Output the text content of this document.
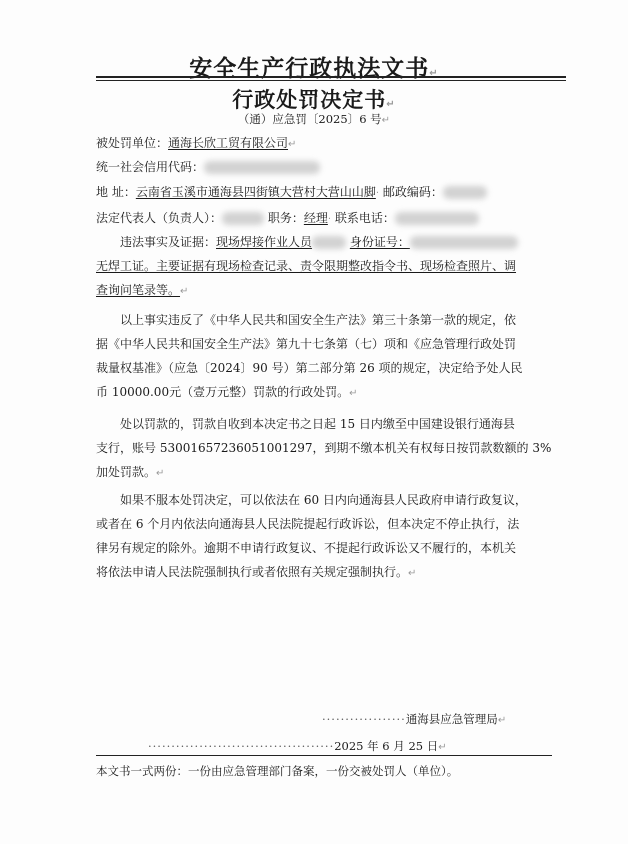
安全生产行政执法文书↵
行政处罚决定书↵
（通）应急罚〔2025〕6 号↵
被处罚单位：通海长欣工贸有限公司↵
统一社会信用代码：
地 址：云南省玉溪市通海县四街镇大营村大营山山脚· 邮政编码：
法定代表人（负责人）：	职务：经理· 联系电话：
违法事实及证据：现场焊接作业人员	身份证号：
无焊工证。主要证据有现场检查记录、责令限期整改指令书、现场检查照片、调
查询问笔录等。↵
以上事实违反了《中华人民共和国安全生产法》第三十条第一款的规定，依
据《中华人民共和国安全生产法》第九十七条第（七）项和《应急管理行政处罚
裁量权基准》（应急〔2024〕90 号）第二部分第 26 项的规定，决定给予处人民
币 10000.00元（壹万元整）罚款的行政处罚。↵
处以罚款的，罚款自收到本决定书之日起 15 日内缴至中国建设银行通海县
支行，账号 53001657236051001297，到期不缴本机关有权每日按罚款数额的 3%
加处罚款。↵
如果不服本处罚决定，可以依法在 60 日内向通海县人民政府申请行政复议，
或者在 6 个月内依法向通海县人民法院提起行政诉讼，但本决定不停止执行，法
律另有规定的除外。逾期不申请行政复议、不提起行政诉讼又不履行的，本机关
将依法申请人民法院强制执行或者依照有关规定强制执行。↵
··················通海县应急管理局↵
········································2025 年 6 月 25 日↵
本文书一式两份：一份由应急管理部门备案，一份交被处罚人（单位）。
